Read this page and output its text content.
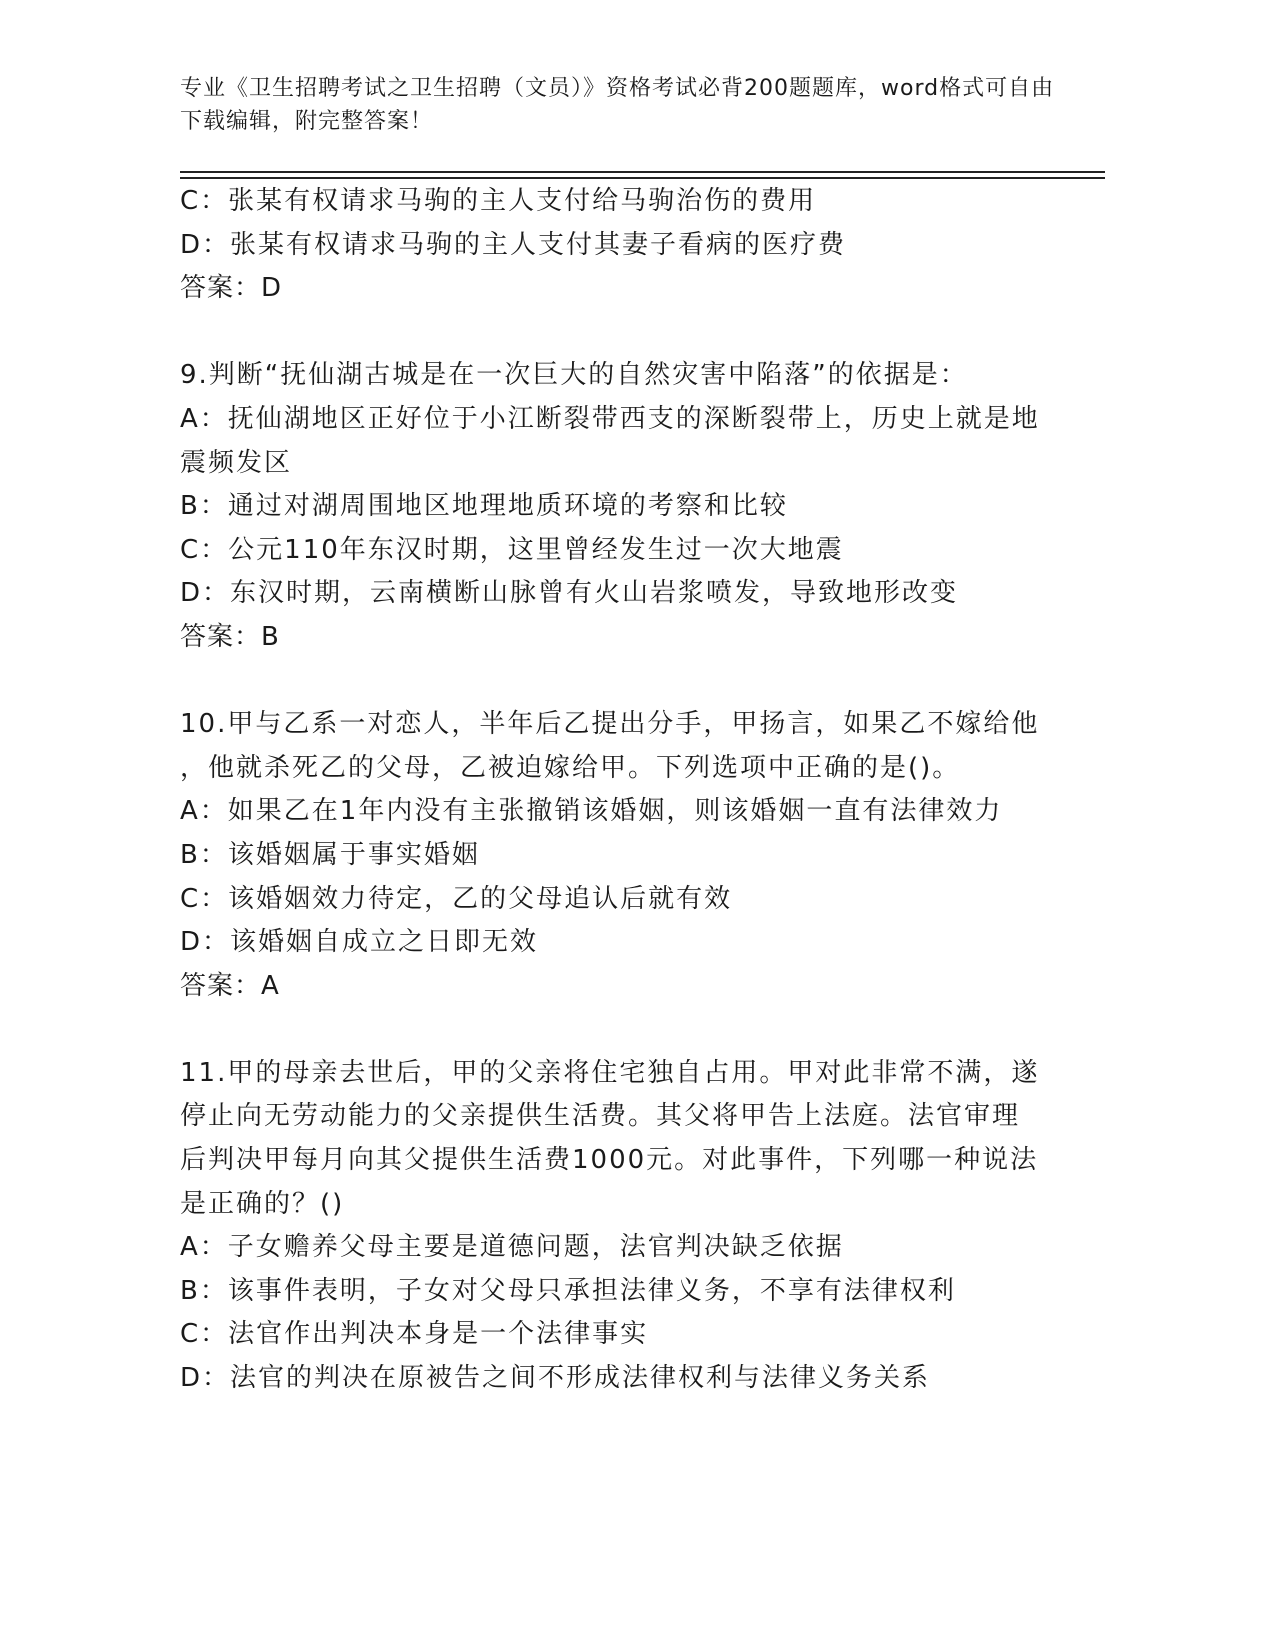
专业《卫生招聘考试之卫生招聘（文员）》资格考试必背200题题库，word格式可自由下载编辑，附完整答案！
C：张某有权请求马驹的主人支付给马驹治伤的费用
D：张某有权请求马驹的主人支付其妻子看病的医疗费
答案：D
9.判断“抚仙湖古城是在一次巨大的自然灾害中陷落”的依据是：
A：抚仙湖地区正好位于小江断裂带西支的深断裂带上，历史上就是地
震频发区
B：通过对湖周围地区地理地质环境的考察和比较
C：公元110年东汉时期，这里曾经发生过一次大地震
D：东汉时期，云南横断山脉曾有火山岩浆喷发，导致地形改变
答案：B
10.甲与乙系一对恋人，半年后乙提出分手，甲扬言，如果乙不嫁给他
，他就杀死乙的父母，乙被迫嫁给甲。下列选项中正确的是()。
A：如果乙在1年内没有主张撤销该婚姻，则该婚姻一直有法律效力
B：该婚姻属于事实婚姻
C：该婚姻效力待定，乙的父母追认后就有效
D：该婚姻自成立之日即无效
答案：A
11.甲的母亲去世后，甲的父亲将住宅独自占用。甲对此非常不满，遂
停止向无劳动能力的父亲提供生活费。其父将甲告上法庭。法官审理
后判决甲每月向其父提供生活费1000元。对此事件，下列哪一种说法
是正确的？()
A：子女赡养父母主要是道德问题，法官判决缺乏依据
B：该事件表明，子女对父母只承担法律义务，不享有法律权利
C：法官作出判决本身是一个法律事实
D：法官的判决在原被告之间不形成法律权利与法律义务关系
